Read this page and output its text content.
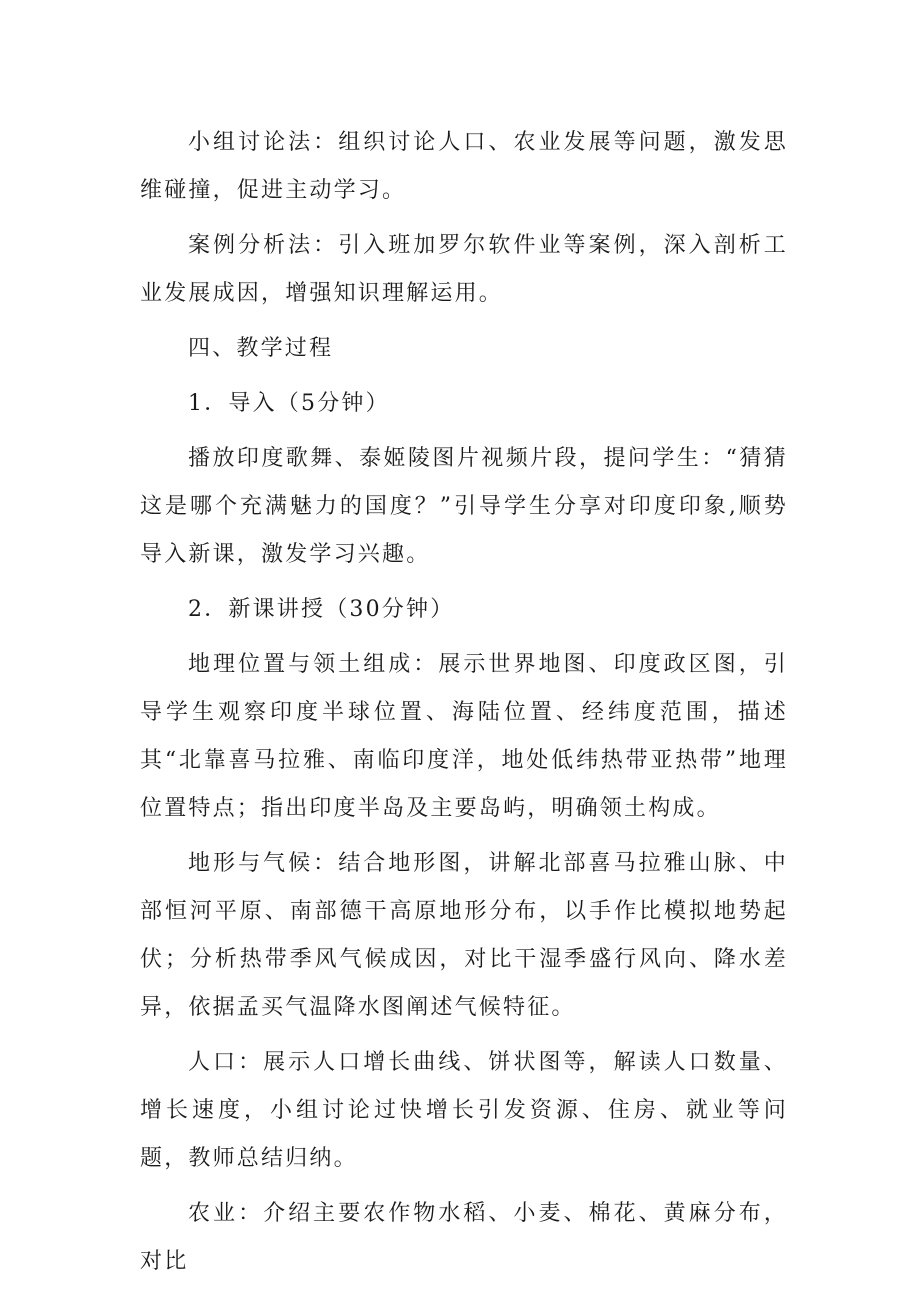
小组讨论法：组织讨论人口、农业发展等问题，激发思维碰撞，促进主动学习。

案例分析法：引入班加罗尔软件业等案例，深入剖析工业发展成因，增强知识理解运用。

四、教学过程

1．导入（5分钟）

播放印度歌舞、泰姬陵图片视频片段，提问学生：“猜猜这是哪个充满魅力的国度？”引导学生分享对印度印象,顺势导入新课，激发学习兴趣。

2．新课讲授（30分钟）

地理位置与领土组成：展示世界地图、印度政区图，引导学生观察印度半球位置、海陆位置、经纬度范围，描述其“北靠喜马拉雅、南临印度洋，地处低纬热带亚热带”地理位置特点；指出印度半岛及主要岛屿，明确领土构成。

地形与气候：结合地形图，讲解北部喜马拉雅山脉、中部恒河平原、南部德干高原地形分布，以手作比模拟地势起伏；分析热带季风气候成因，对比干湿季盛行风向、降水差异，依据孟买气温降水图阐述气候特征。

人口：展示人口增长曲线、饼状图等，解读人口数量、增长速度，小组讨论过快增长引发资源、住房、就业等问题，教师总结归纳。

农业：介绍主要农作物水稻、小麦、棉花、黄麻分布，对比
